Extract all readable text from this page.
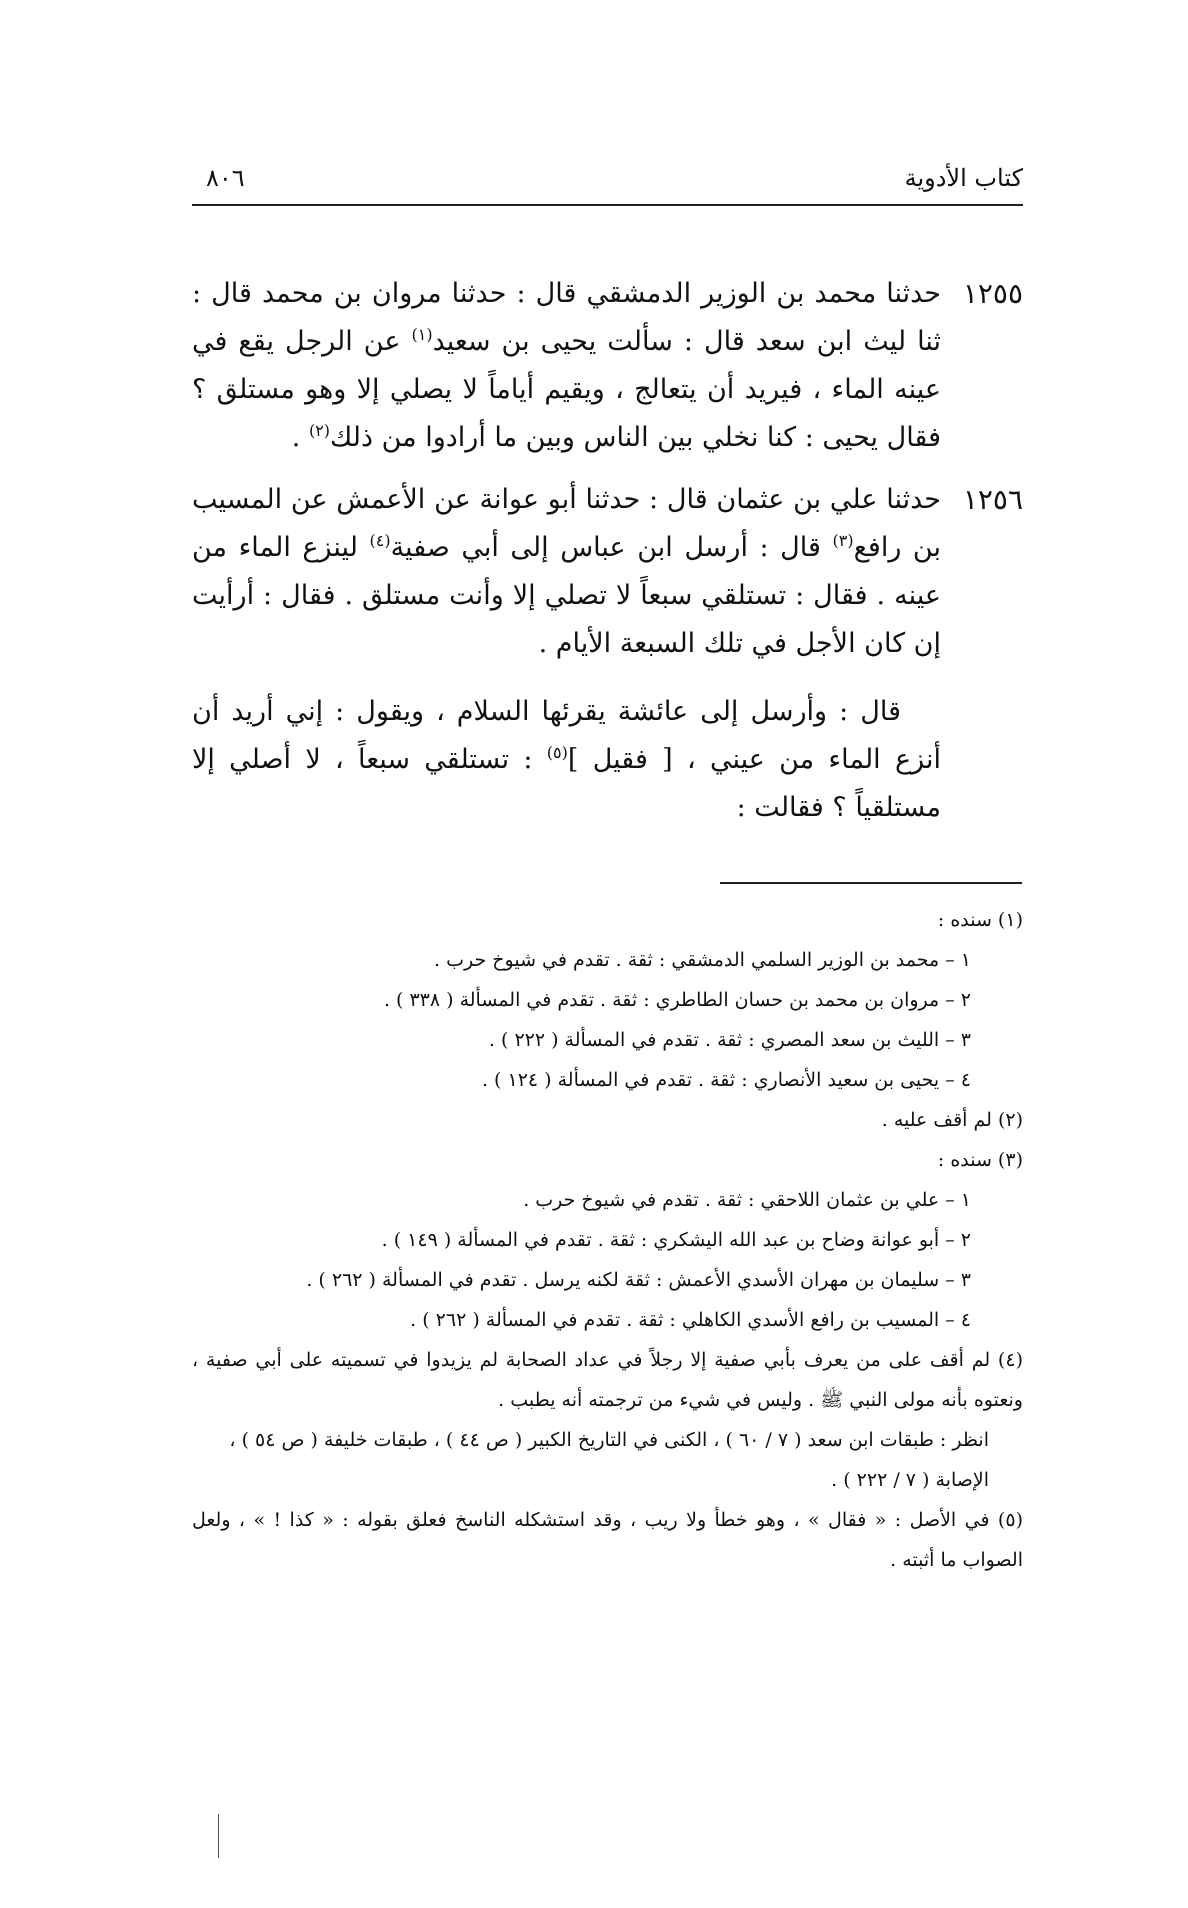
كتاب الأدوية
٨٠٦
١٢٥٥

حدثنا محمد بن الوزير الدمشقي قال : حدثنا مروان بن محمد قال : ثنا ليث ابن سعد قال : سألت يحيى بن سعيد$^{(١)}$ عن الرجل يقع في عينه الماء ، فيريد أن يتعالج ، ويقيم أياماً لا يصلي إلا وهو مستلق ؟ فقال يحيى : كنا نخلي بين الناس وبين ما أرادوا من ذلك$^{(٢)}$ .

١٢٥٦

حدثنا علي بن عثمان قال : حدثنا أبو عوانة عن الأعمش عن المسيب بن رافع$^{(٣)}$ قال : أرسل ابن عباس إلى أبي صفية$^{(٤)}$ لينزع الماء من عينه . فقال : تستلقي سبعاً لا تصلي إلا وأنت مستلق . فقال : أرأيت إن كان الأجل في تلك السبعة الأيام .

قال : وأرسل إلى عائشة يقرئها السلام ، ويقول : إني أريد أن أنزع الماء من عيني ، [ فقيل ]$^{(٥)}$ : تستلقي سبعاً ، لا أصلي إلا مستلقياً ؟ فقالت :

(١) سنده :

١ – محمد بن الوزير السلمي الدمشقي : ثقة . تقدم في شيوخ حرب .

٢ – مروان بن محمد بن حسان الطاطري : ثقة . تقدم في المسألة ( ٣٣٨ ) .

٣ – الليث بن سعد المصري : ثقة . تقدم في المسألة ( ٢٢٢ ) .

٤ – يحيى بن سعيد الأنصاري : ثقة . تقدم في المسألة ( ١٢٤ ) .

(٢) لم أقف عليه .

(٣) سنده :

١ – علي بن عثمان اللاحقي : ثقة . تقدم في شيوخ حرب .

٢ – أبو عوانة وضاح بن عبد الله اليشكري : ثقة . تقدم في المسألة ( ١٤٩ ) .

٣ – سليمان بن مهران الأسدي الأعمش : ثقة لكنه يرسل . تقدم في المسألة ( ٢٦٢ ) .

٤ – المسيب بن رافع الأسدي الكاهلي : ثقة . تقدم في المسألة ( ٢٦٢ ) .

(٤) لم أقف على من يعرف بأبي صفية إلا رجلاً في عداد الصحابة لم يزيدوا في تسميته على أبي صفية ، ونعتوه بأنه مولى النبي ﷺ . وليس في شيء من ترجمته أنه يطبب .

انظر : طبقات ابن سعد ( ٧ / ٦٠ ) ، الكنى في التاريخ الكبير ( ص ٤٤ ) ، طبقات خليفة ( ص ٥٤ ) ، الإصابة ( ٧ / ٢٢٢ ) .

(٥) في الأصل : « فقال » ، وهو خطأ ولا ريب ، وقد استشكله الناسخ فعلق بقوله : « كذا ! » ، ولعل الصواب ما أثبته .
